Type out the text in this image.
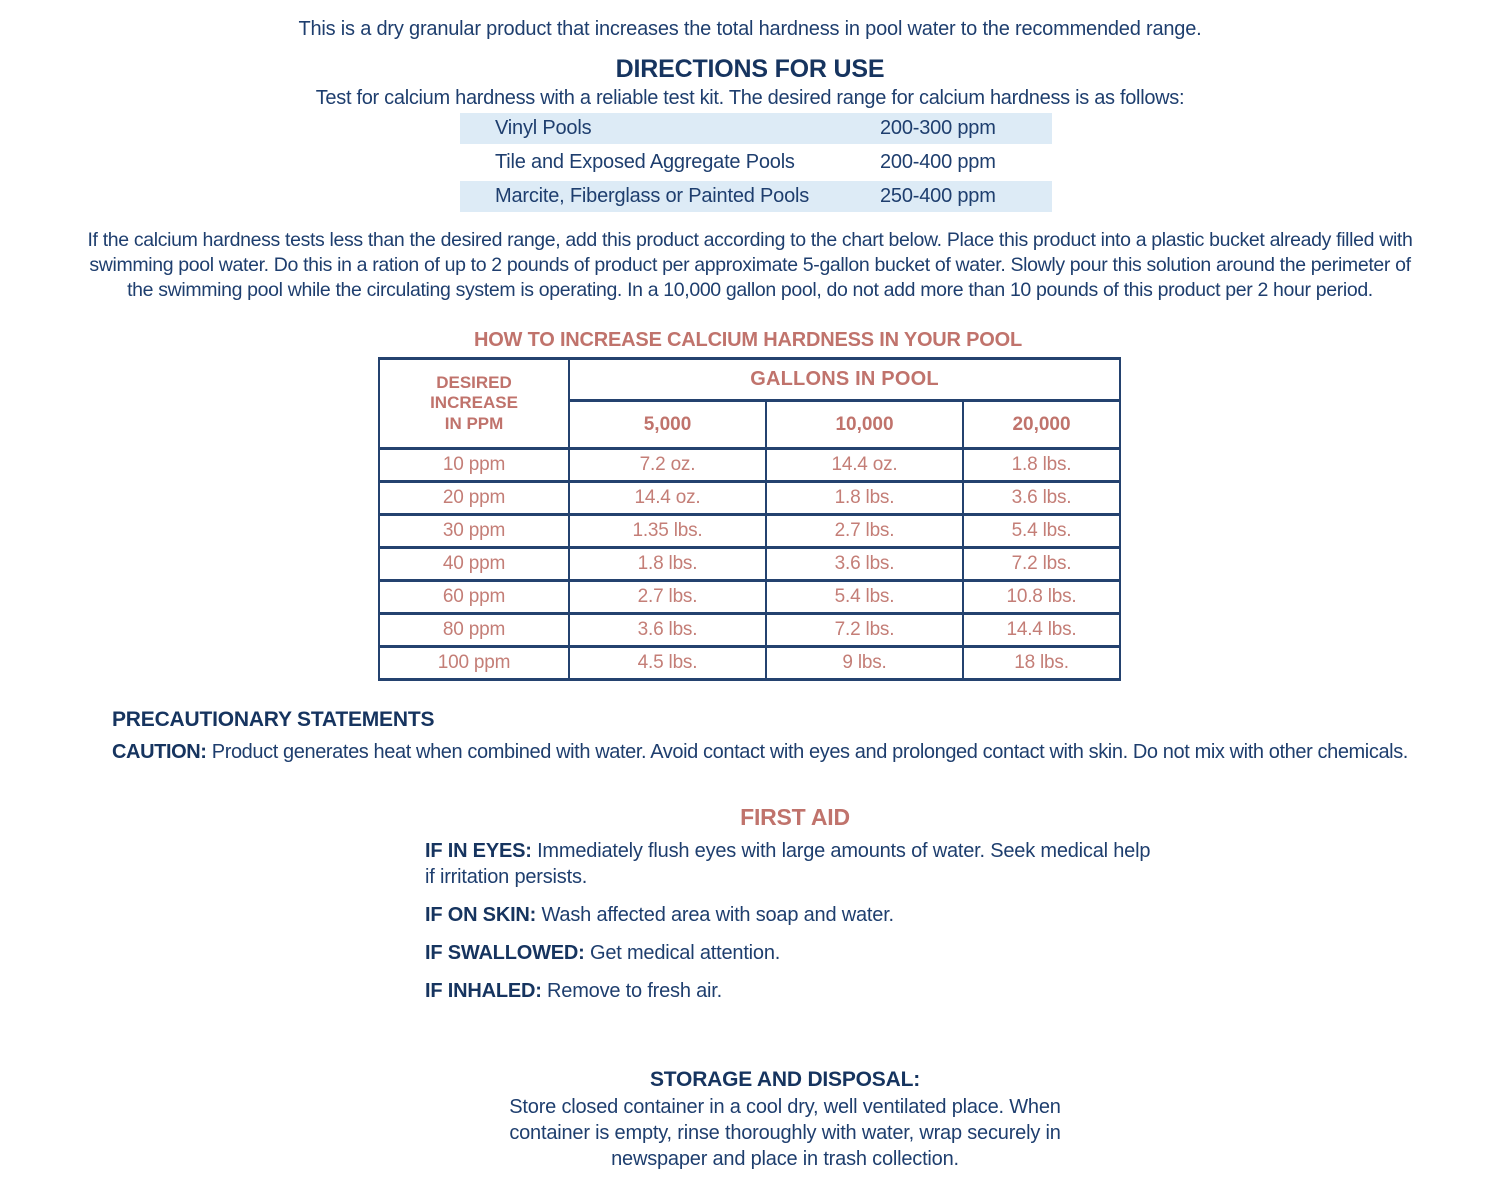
This is a dry granular product that increases the total hardness in pool water to the recommended range.
DIRECTIONS FOR USE
Test for calcium hardness with a reliable test kit. The desired range for calcium hardness is as follows:
Vinyl Pools	200-300 ppm
Tile and Exposed Aggregate Pools	200-400 ppm
Marcite, Fiberglass or Painted Pools	250-400 ppm

If the calcium hardness tests less than the desired range, add this product according to the chart below. Place this product into a plastic bucket already filled with swimming pool water. Do this in a ration of up to 2 pounds of product per approximate 5-gallon bucket of water. Slowly pour this solution around the perimeter of the swimming pool while the circulating system is operating. In a 10,000 gallon pool, do not add more than 10 pounds of this product per 2 hour period.

HOW TO INCREASE CALCIUM HARDNESS IN YOUR POOL
DESIRED INCREASE IN PPM	GALLONS IN POOL		
	5,000	10,000	20,000
10 ppm	7.2 oz.	14.4 oz.	1.8 lbs.
20 ppm	14.4 oz.	1.8 lbs.	3.6 lbs.
30 ppm	1.35 lbs.	2.7 lbs.	5.4 lbs.
40 ppm	1.8 lbs.	3.6 lbs.	7.2 lbs.
60 ppm	2.7 lbs.	5.4 lbs.	10.8 lbs.
80 ppm	3.6 lbs.	7.2 lbs.	14.4 lbs.
100 ppm	4.5 lbs.	9 lbs.	18 lbs.
PRECAUTIONARY STATEMENTS

CAUTION: Product generates heat when combined with water. Avoid contact with eyes and prolonged contact with skin. Do not mix with other chemicals.

FIRST AID

IF IN EYES: Immediately flush eyes with large amounts of water. Seek medical help if irritation persists.

IF ON SKIN: Wash affected area with soap and water.

IF SWALLOWED: Get medical attention.

IF INHALED: Remove to fresh air.

STORAGE AND DISPOSAL:
Store closed container in a cool dry, well ventilated place. When container is empty, rinse thoroughly with water, wrap securely in newspaper and place in trash collection.
